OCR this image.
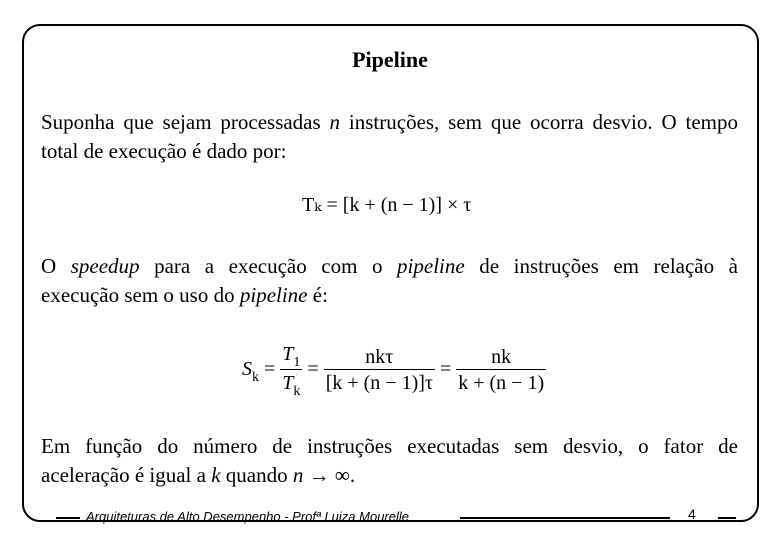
Pipeline
Suponha que sejam processadas n instruções, sem que ocorra desvio. O tempo total de execução é dado por:
Tₖ = [k + (n − 1)] × τ
O speedup para a execução com o pipeline de instruções em relação à
execução sem o uso do pipeline é:
$S_k = \frac{T_1}{T_k} = \frac{\text{nkτ}}{[k + (n - 1)]\tau} = \frac{nk}{k + (n - 1)}$
Em função do número de instruções executadas sem desvio, o fator de
aceleração é igual a k quando n → ∞.
Arquiteturas de Alto Desempenho - Profª Luiza Mourelle	4
